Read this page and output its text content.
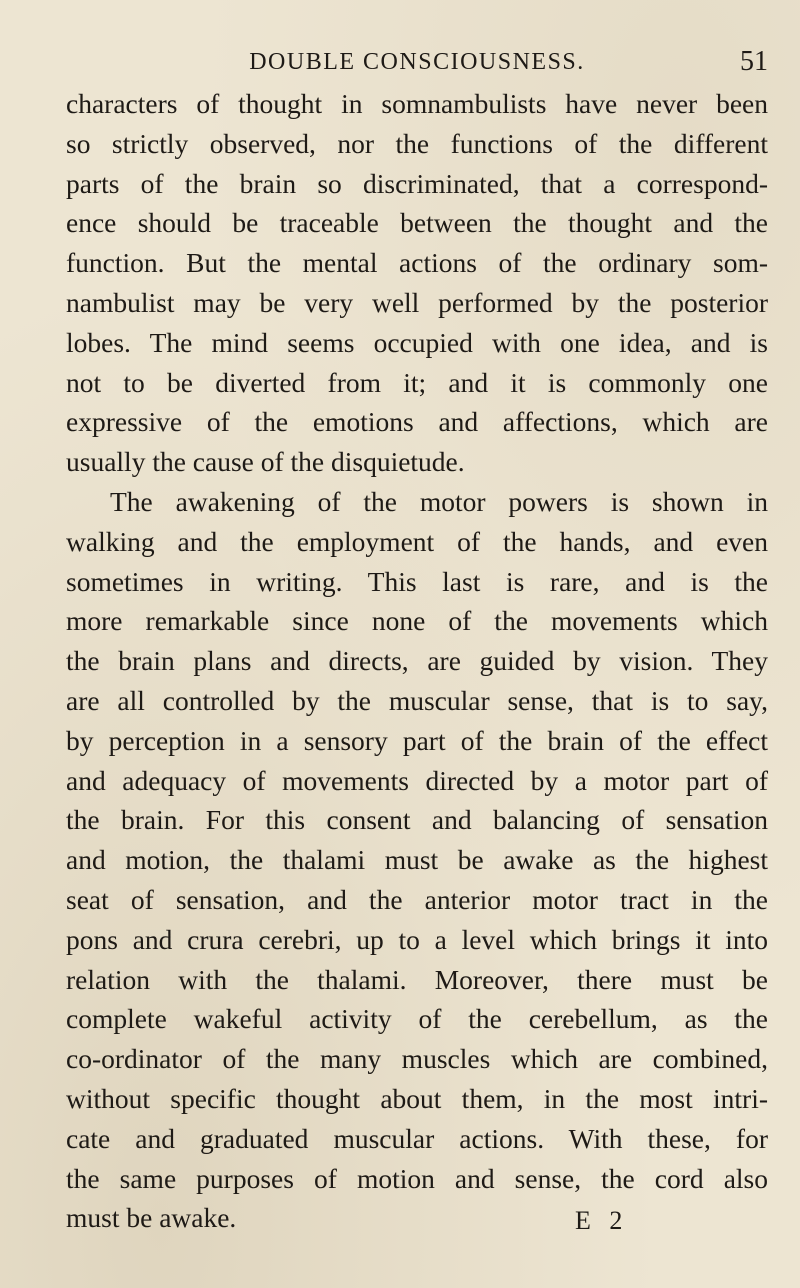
DOUBLE CONSCIOUSNESS.	51
characters of thought in somnambulists have never been
so strictly observed, nor the functions of the different
parts of the brain so discriminated, that a correspond-
ence should be traceable between the thought and the
function. But the mental actions of the ordinary som-
nambulist may be very well performed by the posterior
lobes. The mind seems occupied with one idea, and is
not to be diverted from it; and it is commonly one
expressive of the emotions and affections, which are
usually the cause of the disquietude.
The awakening of the motor powers is shown in
walking and the employment of the hands, and even
sometimes in writing. This last is rare, and is the
more remarkable since none of the movements which
the brain plans and directs, are guided by vision. They
are all controlled by the muscular sense, that is to say,
by perception in a sensory part of the brain of the effect
and adequacy of movements directed by a motor part of
the brain. For this consent and balancing of sensation
and motion, the thalami must be awake as the highest
seat of sensation, and the anterior motor tract in the
pons and crura cerebri, up to a level which brings it into
relation with the thalami. Moreover, there must be
complete wakeful activity of the cerebellum, as the
co-ordinator of the many muscles which are combined,
without specific thought about them, in the most intri-
cate and graduated muscular actions. With these, for
the same purposes of motion and sense, the cord also
must be awake.	E 2
